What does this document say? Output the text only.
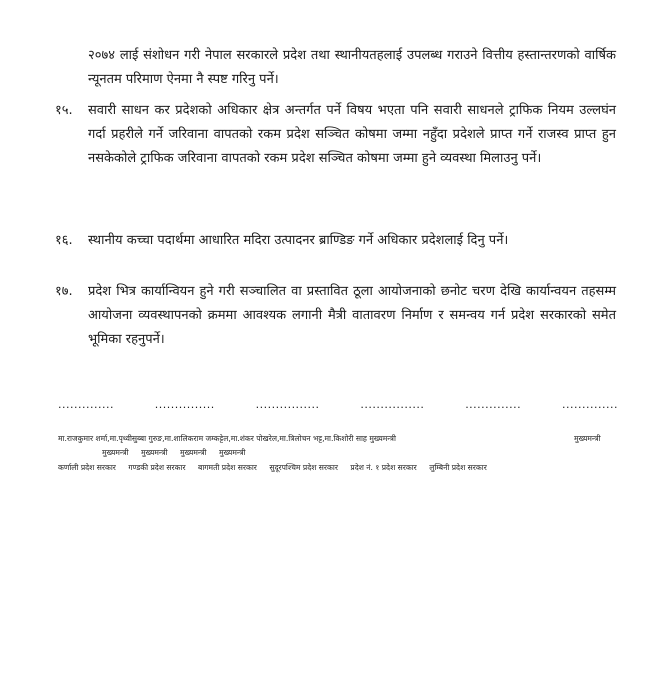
२०७४ लाई संशोधन गरी नेपाल सरकारले प्रदेश तथा स्थानीयतहलाई उपलब्ध गराउने वित्तीय हस्तान्तरणको वार्षिक न्यूनतम परिमाण ऐनमा नै स्पष्ट गरिनु पर्ने।
१५.	सवारी साधन कर प्रदेशको अधिकार क्षेत्र अन्तर्गत पर्ने विषय भएता पनि सवारी साधनले ट्राफिक नियम उल्लघंन गर्दा प्रहरीले गर्ने जरिवाना वापतको रकम प्रदेश सञ्चित कोषमा जम्मा नहुँदा प्रदेशले प्राप्त गर्ने राजस्व प्राप्त हुन नसकेकोले ट्राफिक जरिवाना वापतको रकम प्रदेश सञ्चित कोषमा जम्मा हुने व्यवस्था मिलाउनु पर्ने।
१६.	स्थानीय कच्चा पदार्थमा आधारित मदिरा उत्पादनर ब्राण्डिङ गर्ने अधिकार प्रदेशलाई दिनु पर्ने।
१७.	प्रदेश भित्र कार्यान्वियन हुने गरी सञ्चालित वा प्रस्तावित ठूला आयोजनाको छनोट चरण देखि कार्यान्वयन तहसम्म आयोजना व्यवस्थापनको क्रममा आवश्यक लगानी मैत्री वातावरण निर्माण र समन्वय गर्न प्रदेश सरकारको समेत भूमिका रहनुपर्ने।
..............	...............	................	................	..............	..............
मा.राजकुमार शर्मा,मा.पृथ्वीसुब्बा गुरुङ,मा.शालिकराम जम्कट्टेल,मा.शंकर पोखरेल,मा.त्रिलोचन भट्ट,मा.किशोरी साह मुख्यमन्त्री	मुख्यमन्त्री
मुख्यमन्त्री मुख्यमन्त्री मुख्यमन्त्री मुख्यमन्त्री
कर्णाली प्रदेश सरकार गण्डकी प्रदेश सरकार बागमती प्रदेश सरकार सुदूरपश्चिम प्रदेश सरकार प्रदेश नं. १ प्रदेश सरकार लुम्बिनी प्रदेश सरकार
